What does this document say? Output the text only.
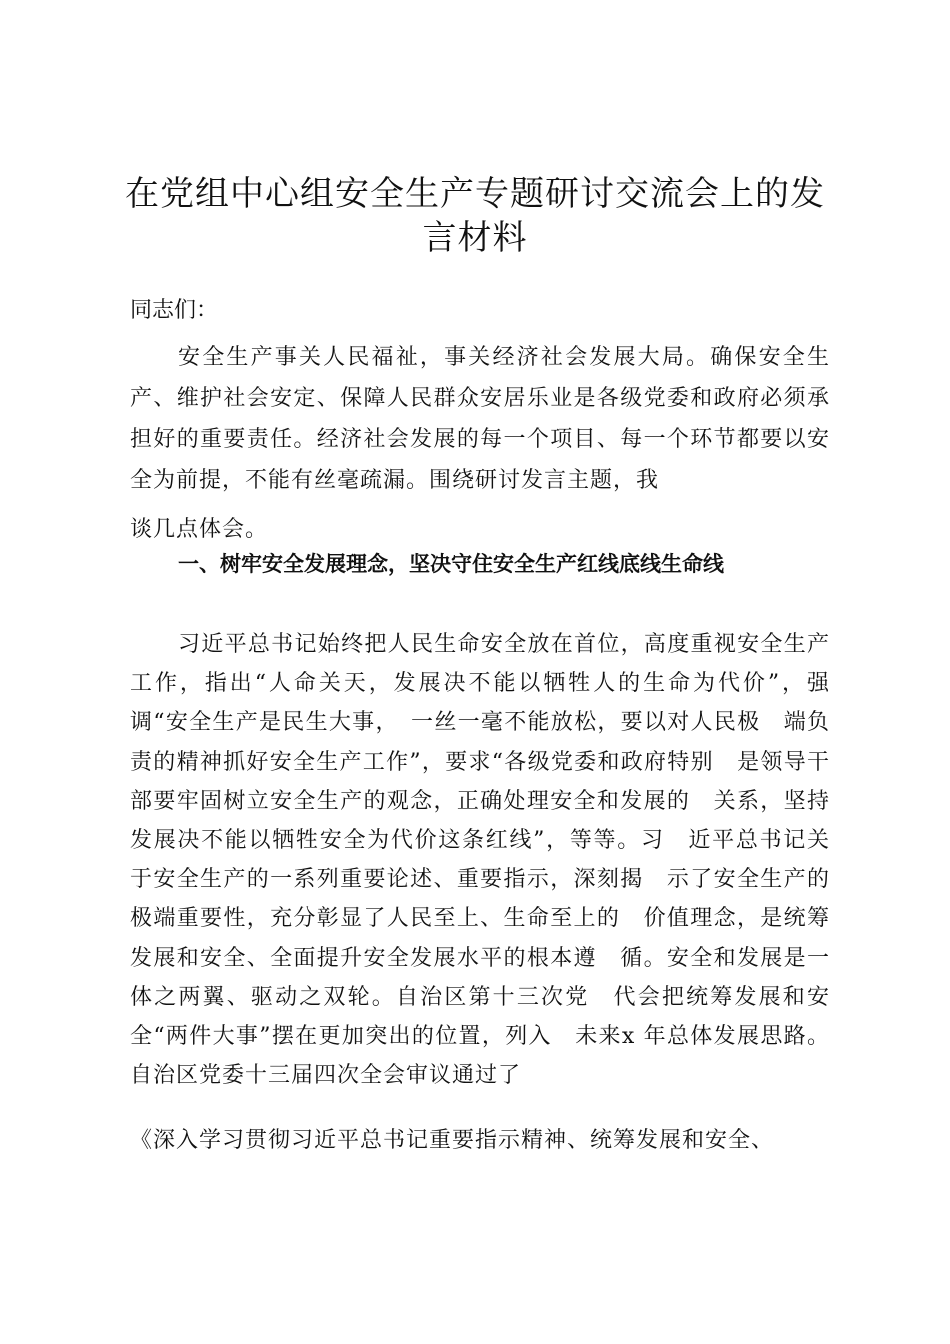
在党组中心组安全生产专题研讨交流会上的发言材料

同志们：

安全生产事关人民福祉，事关经济社会发展大局。确保安全生产、维护社会安定、保障人民群众安居乐业是各级党委和政府必须承担好的重要责任。经济社会发展的每一个项目、每一个环节都要以安全为前提，不能有丝毫疏漏。围绕研讨发言主题，我
谈几点体会。

一、树牢安全发展理念，坚决守住安全生产红线底线生命线

习近平总书记始终把人民生命安全放在首位，高度重视安全生产工作，指出“人命关天，发展决不能以牺牲人的生命为代价”，强调“安全生产是民生大事，　一丝一毫不能放松，要以对人民极　端负责的精神抓好安全生产工作”，要求“各级党委和政府特别　是领导干部要牢固树立安全生产的观念，正确处理安全和发展的　关系，坚持发展决不能以牺牲安全为代价这条红线”，等等。习　近平总书记关于安全生产的一系列重要论述、重要指示，深刻揭　示了安全生产的极端重要性，充分彰显了人民至上、生命至上的　价值理念，是统筹发展和安全、全面提升安全发展水平的根本遵　循。安全和发展是一体之两翼、驱动之双轮。自治区第十三次党　代会把统筹发展和安全“两件大事”摆在更加突出的位置，列入　未来x 年总体发展思路。自治区党委十三届四次全会审议通过了

《深入学习贯彻习近平总书记重要指示精神、统筹发展和安全、
